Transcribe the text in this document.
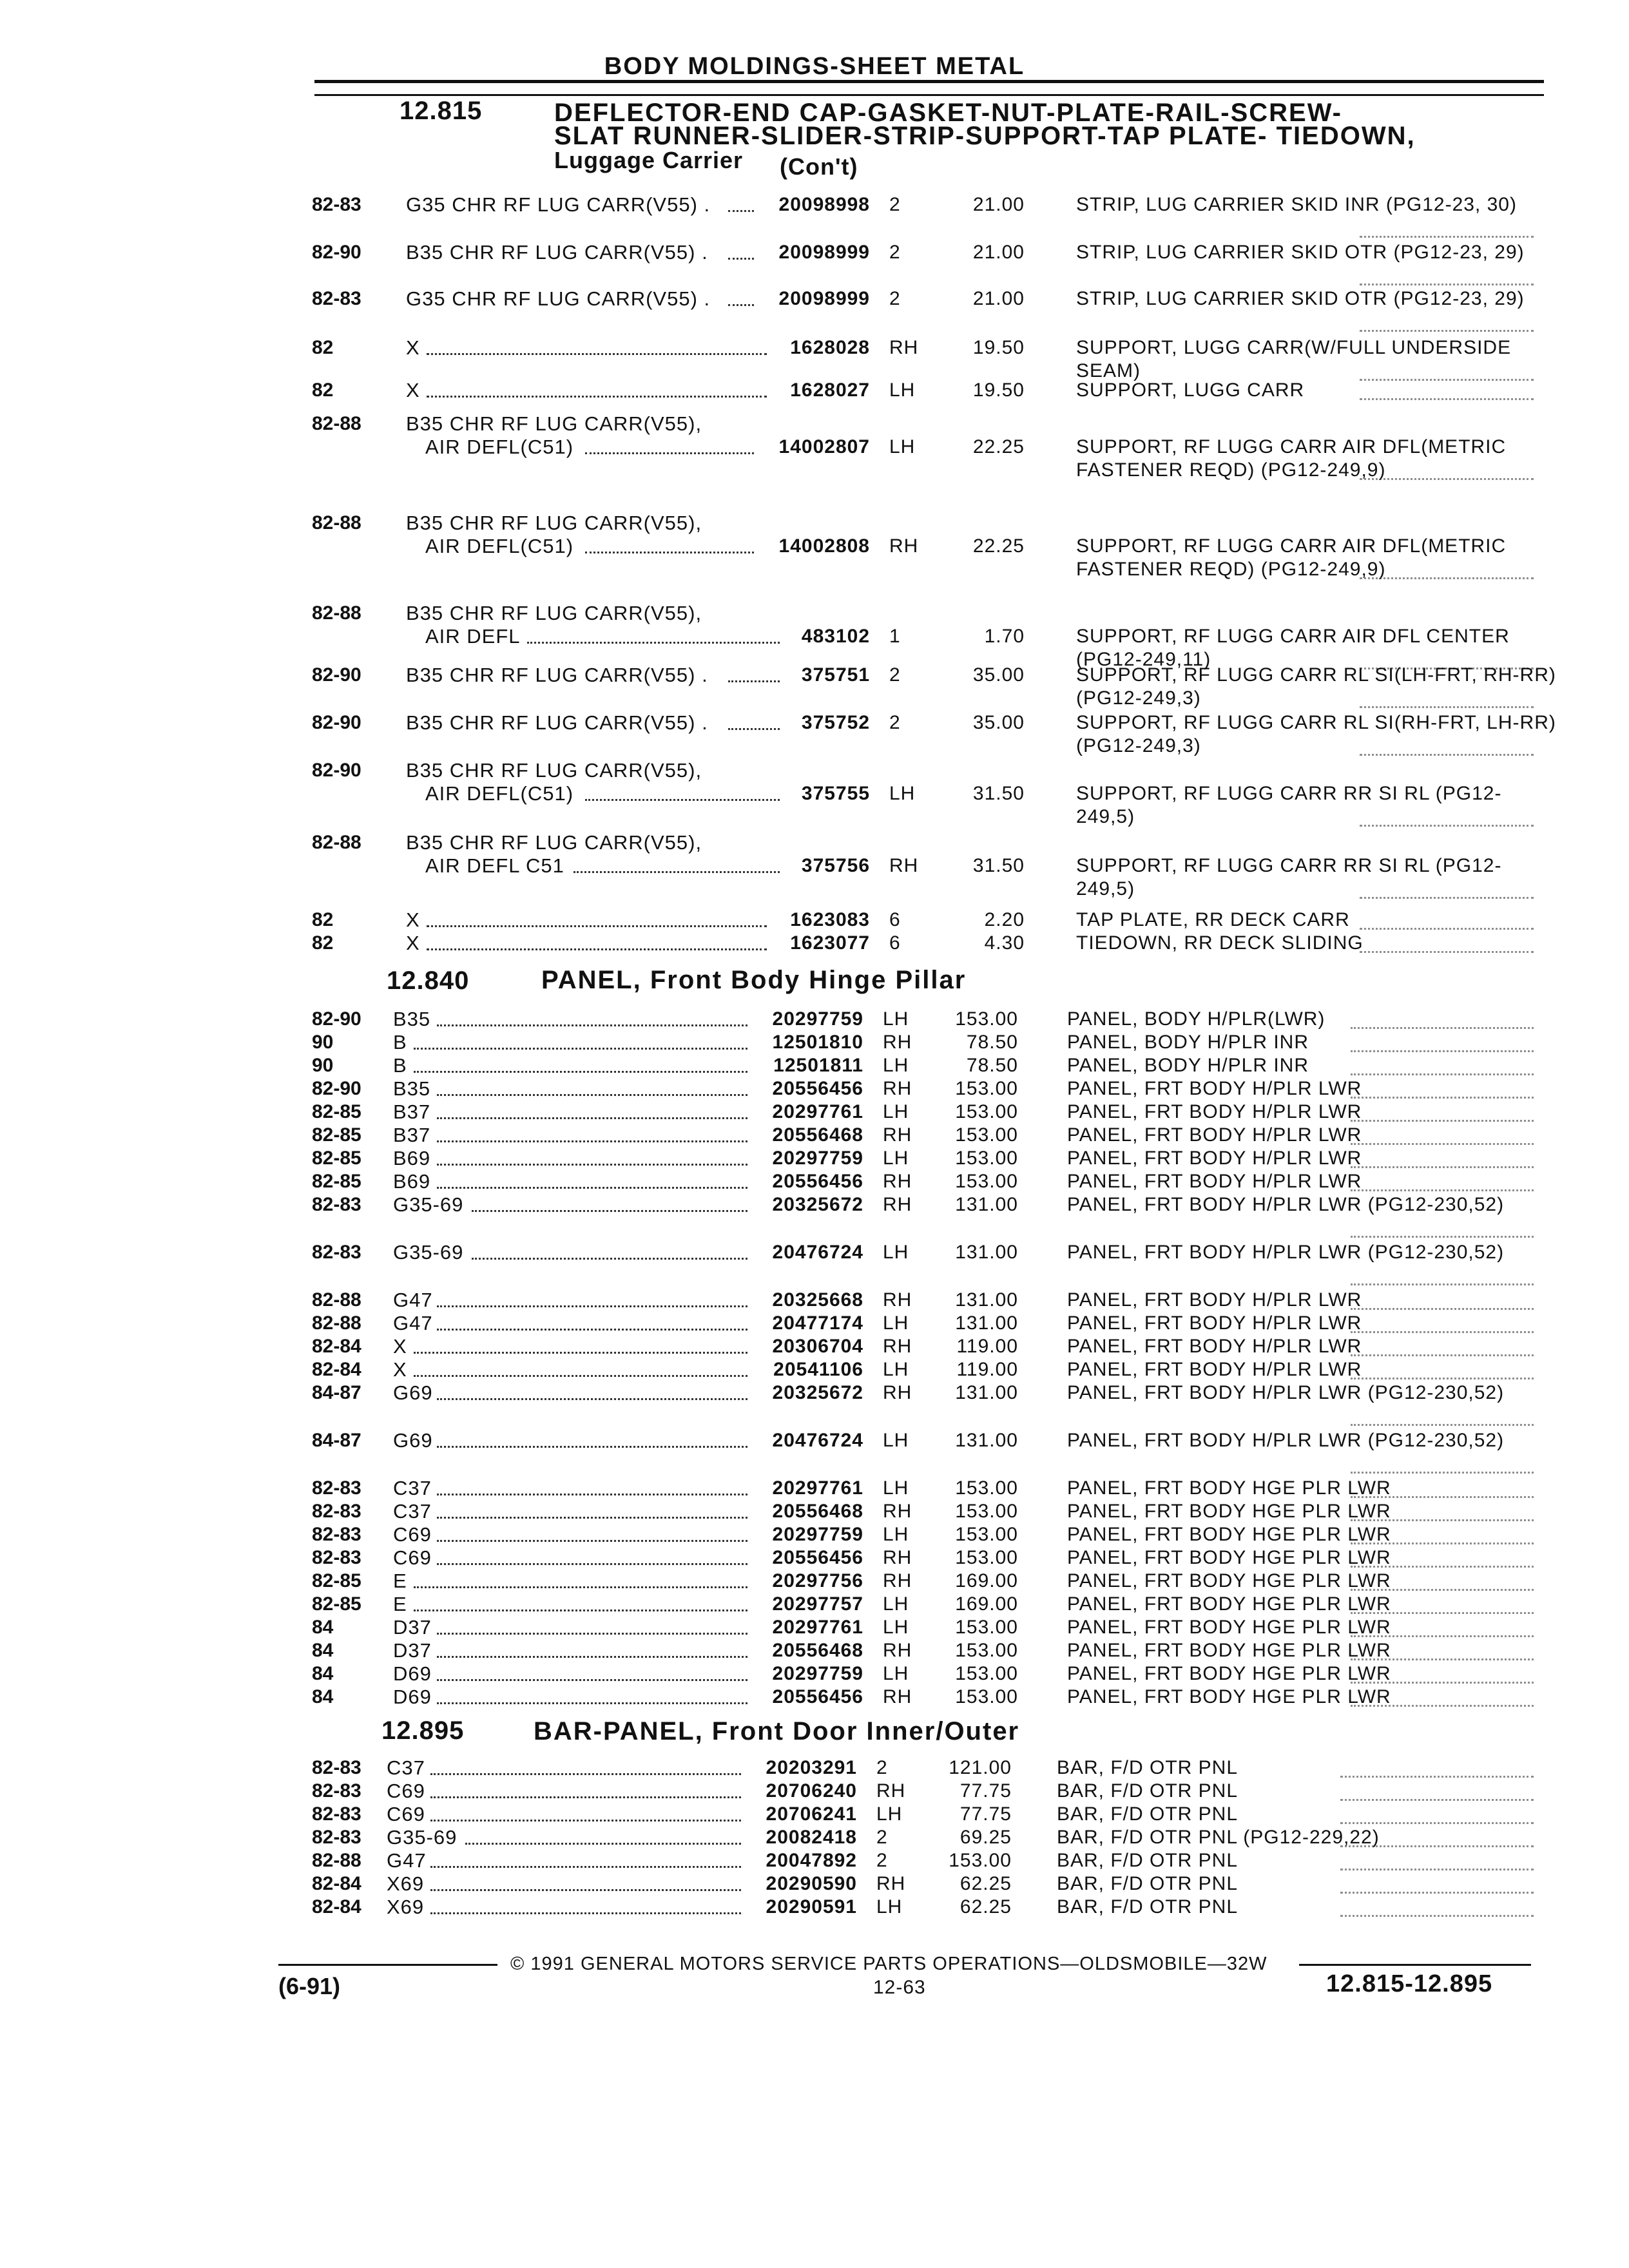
BODY MOLDINGS-SHEET METAL
12.815	DEFLECTOR-END CAP-GASKET-NUT-PLATE-RAIL-SCREW-
SLAT RUNNER-SLIDER-STRIP-SUPPORT-TAP PLATE- TIEDOWN,
Luggage Carrier (Con't)
82-83 G35 CHR RF LUG CARR(V55) .	20098998 2	21.00	STRIP, LUG CARRIER SKID INR (PG12-23, 30)
82-90 B35 CHR RF LUG CARR(V55) .	20098999 2	21.00	STRIP, LUG CARRIER SKID OTR (PG12-23, 29)
82-83 G35 CHR RF LUG CARR(V55) .	20098999 2	21.00	STRIP, LUG CARRIER SKID OTR (PG12-23, 29)
82	X	1628028 RH	19.50	SUPPORT, LUGG CARR(W/FULL UNDERSIDE SEAM)
82	X	1628027 LH	19.50	SUPPORT, LUGG CARR
82-88 B35 CHR RF LUG CARR(V55),
AIR DEFL(C51)	14002807 LH	22.25	SUPPORT, RF LUGG CARR AIR DFL(METRIC FASTENER REQD) (PG12-249,9)
82-88 B35 CHR RF LUG CARR(V55),
AIR DEFL(C51)	14002808 RH	22.25	SUPPORT, RF LUGG CARR AIR DFL(METRIC FASTENER REQD) (PG12-249,9)
82-88 B35 CHR RF LUG CARR(V55),
AIR DEFL	483102 1	1.70	SUPPORT, RF LUGG CARR AIR DFL CENTER (PG12-249,11)
82-90 B35 CHR RF LUG CARR(V55) .	375751 2	35.00	SUPPORT, RF LUGG CARR RL SI(LH-FRT, RH-RR) (PG12-249,3)
82-90 B35 CHR RF LUG CARR(V55) .	375752 2	35.00	SUPPORT, RF LUGG CARR RL SI(RH-FRT, LH-RR) (PG12-249,3)
82-90 B35 CHR RF LUG CARR(V55),
AIR DEFL(C51)	375755 LH	31.50	SUPPORT, RF LUGG CARR RR SI RL (PG12-249,5)
82-88 B35 CHR RF LUG CARR(V55),
AIR DEFL C51	375756 RH	31.50	SUPPORT, RF LUGG CARR RR SI RL (PG12-249,5)
82	X	1623083 6	2.20	TAP PLATE, RR DECK CARR
82	X	1623077 6	4.30	TIEDOWN, RR DECK SLIDING
12.840	PANEL, Front Body Hinge Pillar
82-90 B35	20297759 LH	153.00	PANEL, BODY H/PLR(LWR)
90	B	12501810 RH	78.50	PANEL, BODY H/PLR INR
90	B	12501811 LH	78.50	PANEL, BODY H/PLR INR
82-90 B35	20556456 RH	153.00	PANEL, FRT BODY H/PLR LWR
82-85 B37	20297761 LH	153.00	PANEL, FRT BODY H/PLR LWR
82-85 B37	20556468 RH	153.00	PANEL, FRT BODY H/PLR LWR
82-85 B69	20297759 LH	153.00	PANEL, FRT BODY H/PLR LWR
82-85 B69	20556456 RH	153.00	PANEL, FRT BODY H/PLR LWR
82-83 G35-69	20325672 RH	131.00	PANEL, FRT BODY H/PLR LWR (PG12-230,52)
82-83 G35-69	20476724 LH	131.00	PANEL, FRT BODY H/PLR LWR (PG12-230,52)
82-88 G47	20325668 RH	131.00	PANEL, FRT BODY H/PLR LWR
82-88 G47	20477174 LH	131.00	PANEL, FRT BODY H/PLR LWR
82-84 X	20306704 RH	119.00	PANEL, FRT BODY H/PLR LWR
82-84 X	20541106 LH	119.00	PANEL, FRT BODY H/PLR LWR
84-87 G69	20325672 RH	131.00	PANEL, FRT BODY H/PLR LWR (PG12-230,52)
84-87 G69	20476724 LH	131.00	PANEL, FRT BODY H/PLR LWR (PG12-230,52)
82-83 C37	20297761 LH	153.00	PANEL, FRT BODY HGE PLR LWR
82-83 C37	20556468 RH	153.00	PANEL, FRT BODY HGE PLR LWR
82-83 C69	20297759 LH	153.00	PANEL, FRT BODY HGE PLR LWR
82-83 C69	20556456 RH	153.00	PANEL, FRT BODY HGE PLR LWR
82-85 E	20297756 RH	169.00	PANEL, FRT BODY HGE PLR LWR
82-85 E	20297757 LH	169.00	PANEL, FRT BODY HGE PLR LWR
84	D37	20297761 LH	153.00	PANEL, FRT BODY HGE PLR LWR
84	D37	20556468 RH	153.00	PANEL, FRT BODY HGE PLR LWR
84	D69	20297759 LH	153.00	PANEL, FRT BODY HGE PLR LWR
84	D69	20556456 RH	153.00	PANEL, FRT BODY HGE PLR LWR
12.895	BAR-PANEL, Front Door Inner/Outer
82-83 C37	20203291 2	121.00 BAR, F/D OTR PNL
82-83 C69	20706240 RH	77.75 BAR, F/D OTR PNL
82-83 C69	20706241 LH	77.75 BAR, F/D OTR PNL
82-83 G35-69	20082418 2	69.25 BAR, F/D OTR PNL (PG12-229,22)
82-88 G47	20047892 2	153.00 BAR, F/D OTR PNL
82-84 X69	20290590 RH	62.25 BAR, F/D OTR PNL
82-84 X69	20290591 LH	62.25 BAR, F/D OTR PNL
© 1991 GENERAL MOTORS SERVICE PARTS OPERATIONS—OLDSMOBILE—32W
(6-91)	12-63	12.815-12.895
